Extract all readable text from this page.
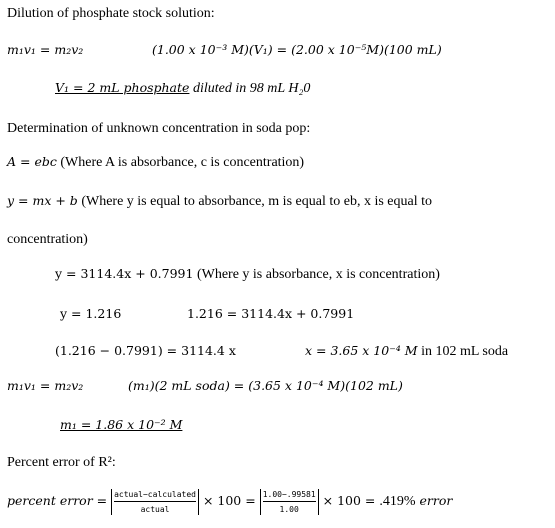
Dilution of phosphate stock solution:
m₁v₁ = m₂v₂	(1.00 x 10⁻³ M)(V₁) = (2.00 x 10⁻⁵M)(100 mL)
V₁ = 2 mL phosphate diluted in 98 mL H₂0
Determination of unknown concentration in soda pop:
A = ebc (Where A is absorbance, c is concentration)
y = mx + b (Where y is equal to absorbance, m is equal to eb, x is equal to
concentration)
y = 3114.4x + 0.7991 (Where y is absorbance, x is concentration)
y = 1.216	1.216 = 3114.4x + 0.7991
(1.216 − 0.7991) = 3114.4 x	x = 3.65 x 10⁻⁴ M in 102 mL soda
m₁v₁ = m₂v₂	(m₁)(2 mL soda) = (3.65 x 10⁻⁴ M)(102 mL)
m₁ = 1.86 x 10⁻² M
Percent error of R²:
percent error = actual−calculated
actual
× $100 = \frac{1.00-.99581}{1.00} \times 100 = .419\%$ error
